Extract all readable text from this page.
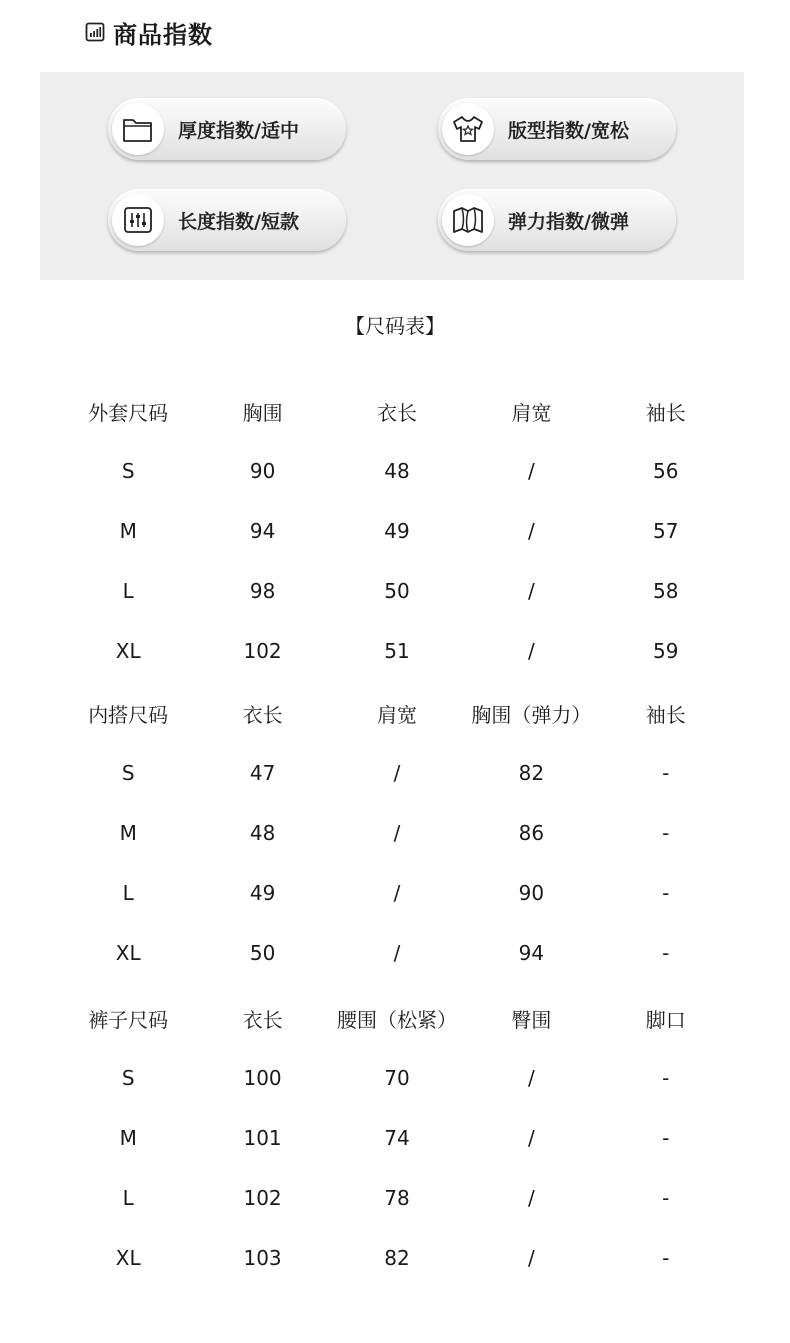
商品指数
厚度指数/适中	版型指数/宽松
长度指数/短款	弹力指数/微弹
【尺码表】
外套尺码	胸围	衣长	肩宽	袖长
S	90	48	/	56
M	94	49	/	57
L	98	50	/	58
XL	102	51	/	59
内搭尺码	衣长	肩宽	胸围（弹力）	袖长
S	47	/	82	-
M	48	/	86	-
L	49	/	90	-
XL	50	/	94	-
裤子尺码	衣长	腰围（松紧）	臀围	脚口
S	100	70	/	-
M	101	74	/	-
L	102	78	/	-
XL	103	82	/	-
